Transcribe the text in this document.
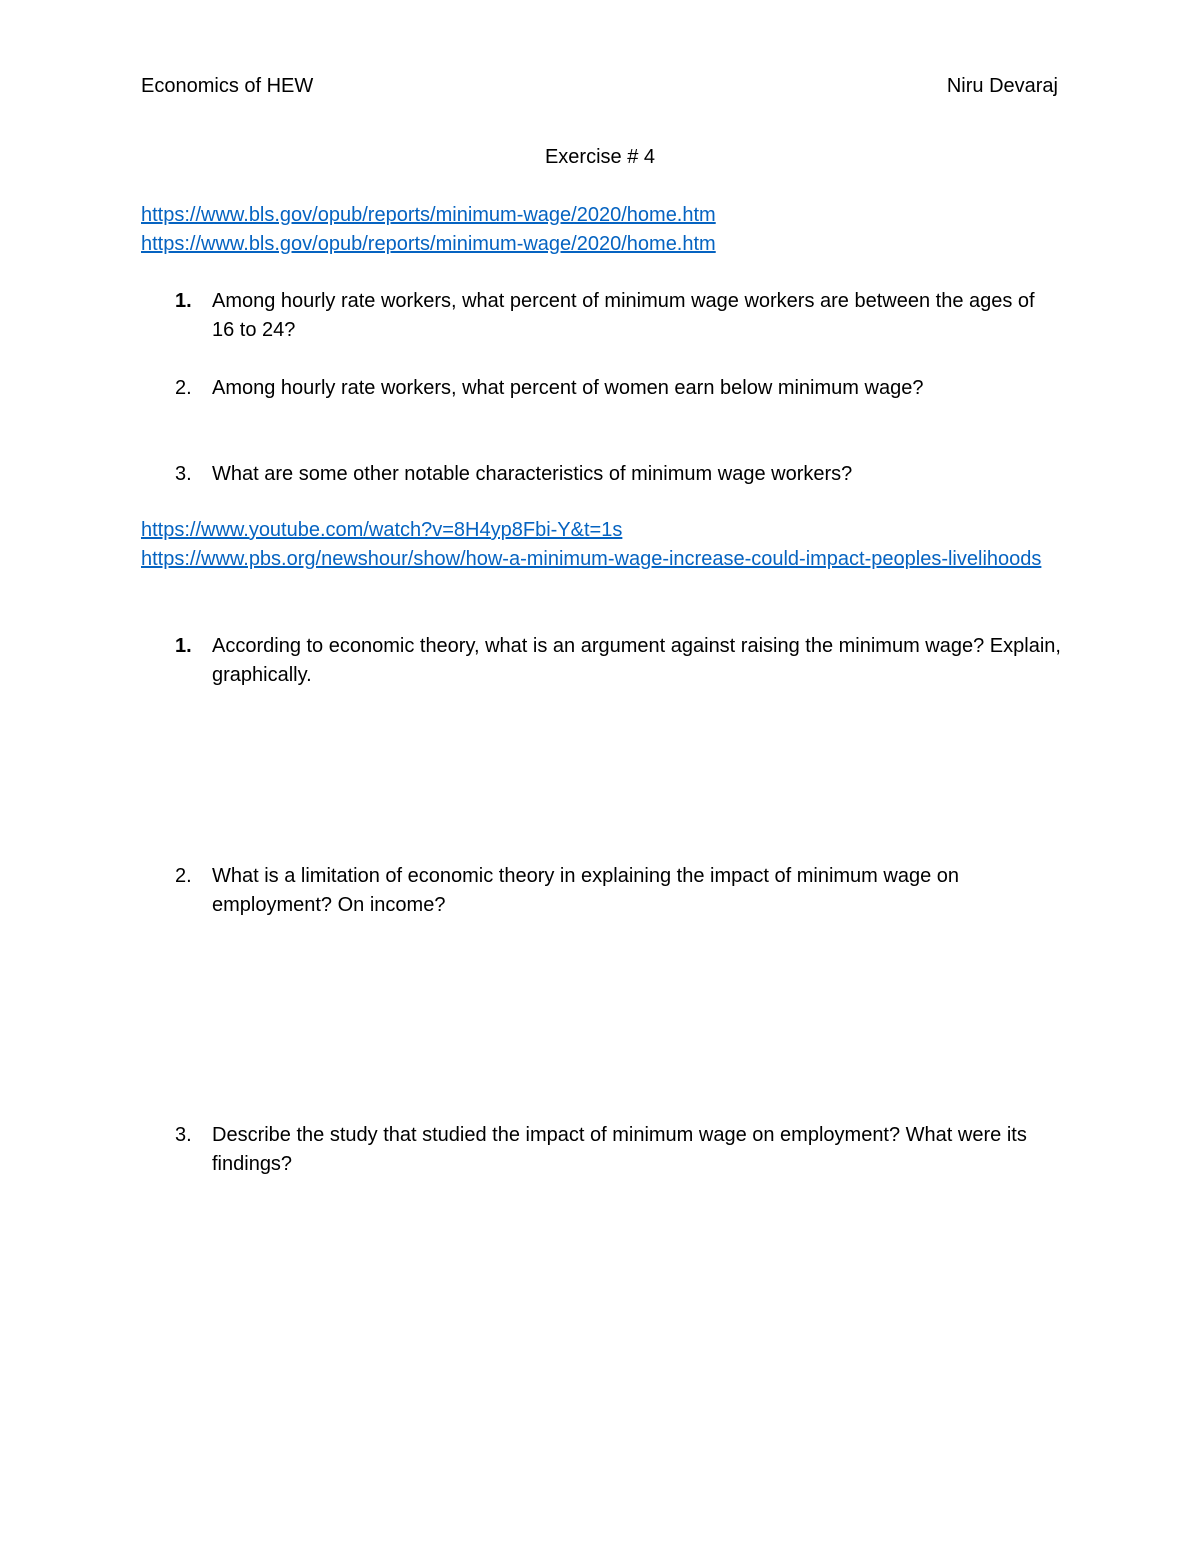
Economics of HEW	Niru Devaraj
Exercise # 4
https://www.bls.gov/opub/reports/minimum-wage/2020/home.htm
https://www.bls.gov/opub/reports/minimum-wage/2020/home.htm
1.	Among hourly rate workers, what percent of minimum wage workers are between the ages of 16 to 24?
2.	Among hourly rate workers, what percent of women earn below minimum wage?
3.	What are some other notable characteristics of minimum wage workers?
https://www.youtube.com/watch?v=8H4yp8Fbi-Y&t=1s
https://www.pbs.org/newshour/show/how-a-minimum-wage-increase-could-impact-peoples-livelihoods
1.	According to economic theory, what is an argument against raising the minimum wage? Explain, graphically.
2.	What is a limitation of economic theory in explaining the impact of minimum wage on employment? On income?
3.	Describe the study that studied the impact of minimum wage on employment? What were its findings?
